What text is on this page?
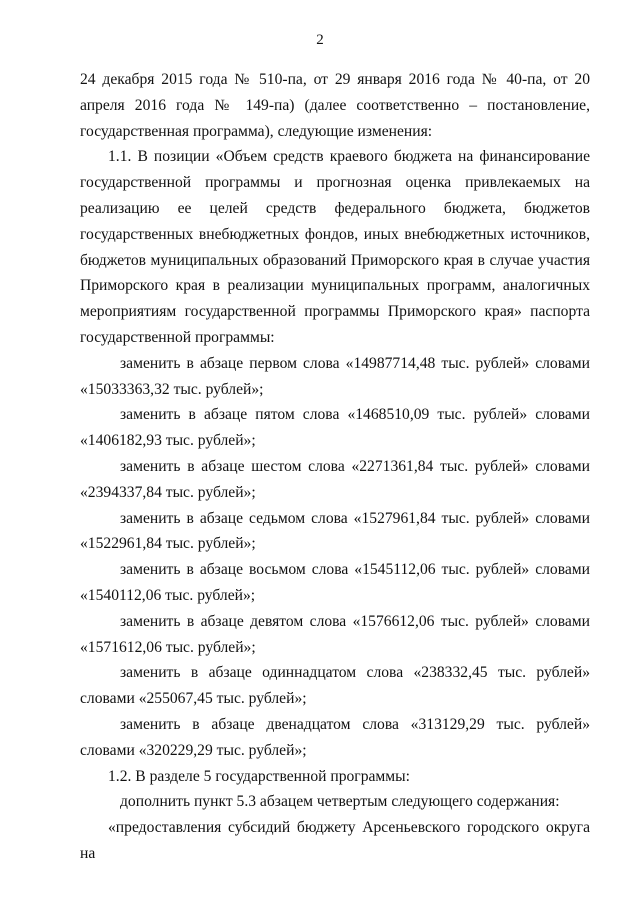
2

24 декабря 2015 года № 510-па, от 29 января 2016 года № 40-па, от 20 апреля 2016 года № 149-па) (далее соответственно – постановление, государственная программа), следующие изменения:

1.1. В позиции «Объем средств краевого бюджета на финансирование государственной программы и прогнозная оценка привлекаемых на реализацию ее целей средств федерального бюджета, бюджетов государственных внебюджетных фондов, иных внебюджетных источников, бюджетов муниципальных образований Приморского края в случае участия Приморского края в реализации муниципальных программ, аналогичных мероприятиям государственной программы Приморского края» паспорта государственной программы:

заменить в абзаце первом слова «14987714,48 тыс. рублей» словами «15033363,32 тыс. рублей»;

заменить в абзаце пятом слова «1468510,09 тыс. рублей» словами «1406182,93 тыс. рублей»;

заменить в абзаце шестом слова «2271361,84 тыс. рублей» словами «2394337,84 тыс. рублей»;

заменить в абзаце седьмом слова «1527961,84 тыс. рублей» словами «1522961,84 тыс. рублей»;

заменить в абзаце восьмом слова «1545112,06 тыс. рублей» словами «1540112,06 тыс. рублей»;

заменить в абзаце девятом слова «1576612,06 тыс. рублей» словами «1571612,06 тыс. рублей»;

заменить в абзаце одиннадцатом слова «238332,45 тыс. рублей» словами «255067,45 тыс. рублей»;

заменить в абзаце двенадцатом слова «313129,29 тыс. рублей» словами «320229,29 тыс. рублей»;

1.2. В разделе 5 государственной программы:

дополнить пункт 5.3 абзацем четвертым следующего содержания:

«предоставления субсидий бюджету Арсеньевского городского округа на
